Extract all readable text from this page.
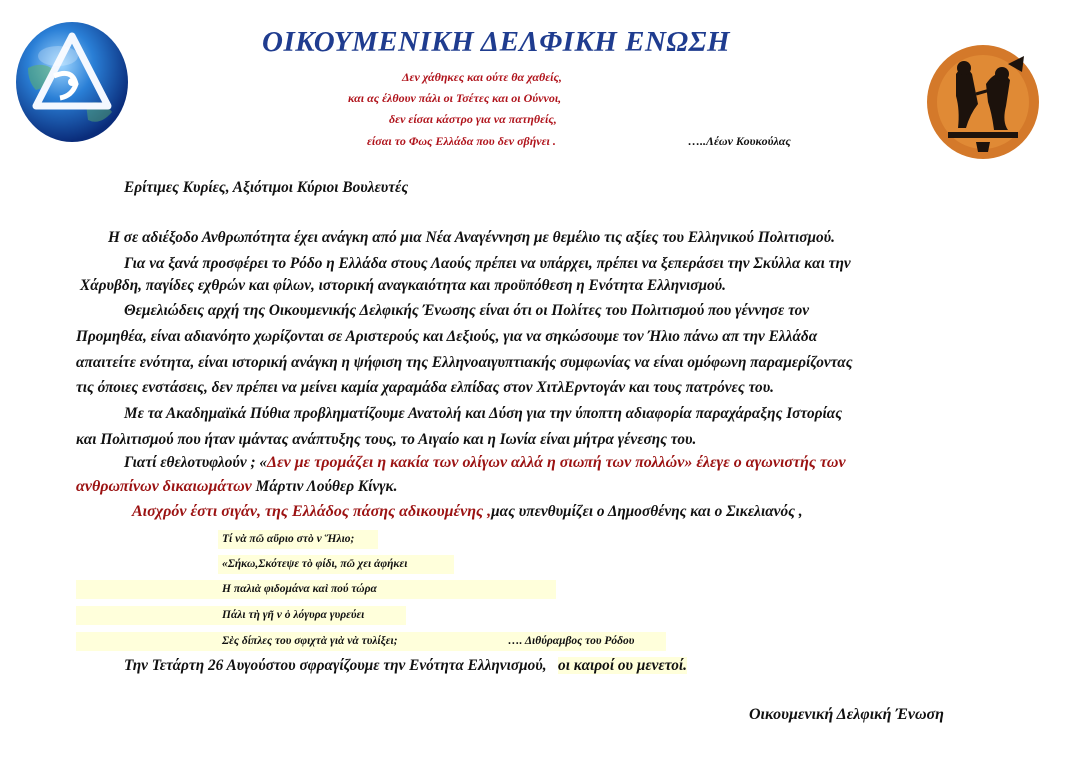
ΟΙΚΟΥΜΕΝΙΚΗ ΔΕΛΦΙΚΗ ΕΝΩΣΗ
Δεν χάθηκες και ούτε θα χαθείς,
και ας έλθουν πάλι οι Τσέτες και οι Ούννοι,
δεν είσαι κάστρο για να πατηθείς,
είσαι το Φως Ελλάδα που δεν σβήνει .	…..Λέων Κουκούλας
Ερίτιμες Κυρίες, Αξιότιμοι Κύριοι Βουλευτές
Η σε αδιέξοδο Ανθρωπότητα έχει ανάγκη από μια Νέα Αναγέννηση με θεμέλιο τις αξίες του Ελληνικού Πολιτισμού.
Για να ξανά προσφέρει το Ρόδο η Ελλάδα στους Λαούς πρέπει να υπάρχει, πρέπει να ξεπεράσει την Σκύλλα και την
Χάρυβδη, παγίδες εχθρών και φίλων, ιστορική αναγκαιότητα και προϋπόθεση η Ενότητα Ελληνισμού.
Θεμελιώδεις αρχή της Οικουμενικής Δελφικής Ένωσης είναι ότι οι Πολίτες του Πολιτισμού που γέννησε τον
Προμηθέα, είναι αδιανόητο χωρίζονται σε Αριστερούς και Δεξιούς, για να σηκώσουμε τον Ήλιο πάνω απ την Ελλάδα
απαιτείτε ενότητα, είναι ιστορική ανάγκη η ψήφιση της Ελληνοαιγυπτιακής συμφωνίας να είναι ομόφωνη παραμερίζοντας
τις όποιες ενστάσεις, δεν πρέπει να μείνει καμία χαραμάδα ελπίδας στον ΧιτλΕρντογάν και τους πατρόνες του.
Με τα Ακαδημαϊκά Πύθια προβληματίζουμε Ανατολή και Δύση για την ύποπτη αδιαφορία παραχάραξης Ιστορίας
και Πολιτισμού που ήταν ιμάντας ανάπτυξης τους, το Αιγαίο και η Ιωνία είναι μήτρα γένεσης του.
Γιατί εθελοτυφλούν ; «Δεν με τρομάζει η κακία των ολίγων αλλά η σιωπή των πολλών» έλεγε ο αγωνιστής των
ανθρωπίνων δικαιωμάτων Μάρτιν Λούθερ Κίνγκ.
Αισχρόν έστι σιγάν, της Ελλάδος πάσης αδικουμένης ,μας υπενθυμίζει ο Δημοσθένης και ο Σικελιανός ,
Τί νὰ πῶ αὔριο στὸ ν Ἥλιο;
«Σήκω,Σκότεψε τὸ φίδι, πῶ χει ἀφήκει
Η παλιὰ φιδομάνα καὶ πού τώρα
Πάλι τὴ γῆ ν ὁ λόγυρα γυρεύει
Σὲς δίπλες του σφιχτὰ γιὰ νὰ τυλίξει;	…. Διθύραμβος του Ρόδου
Την Τετάρτη 26 Αυγούστου σφραγίζουμε την Ενότητα Ελληνισμού, οι καιροί ου μενετοί.
Οικουμενική Δελφική Ένωση
